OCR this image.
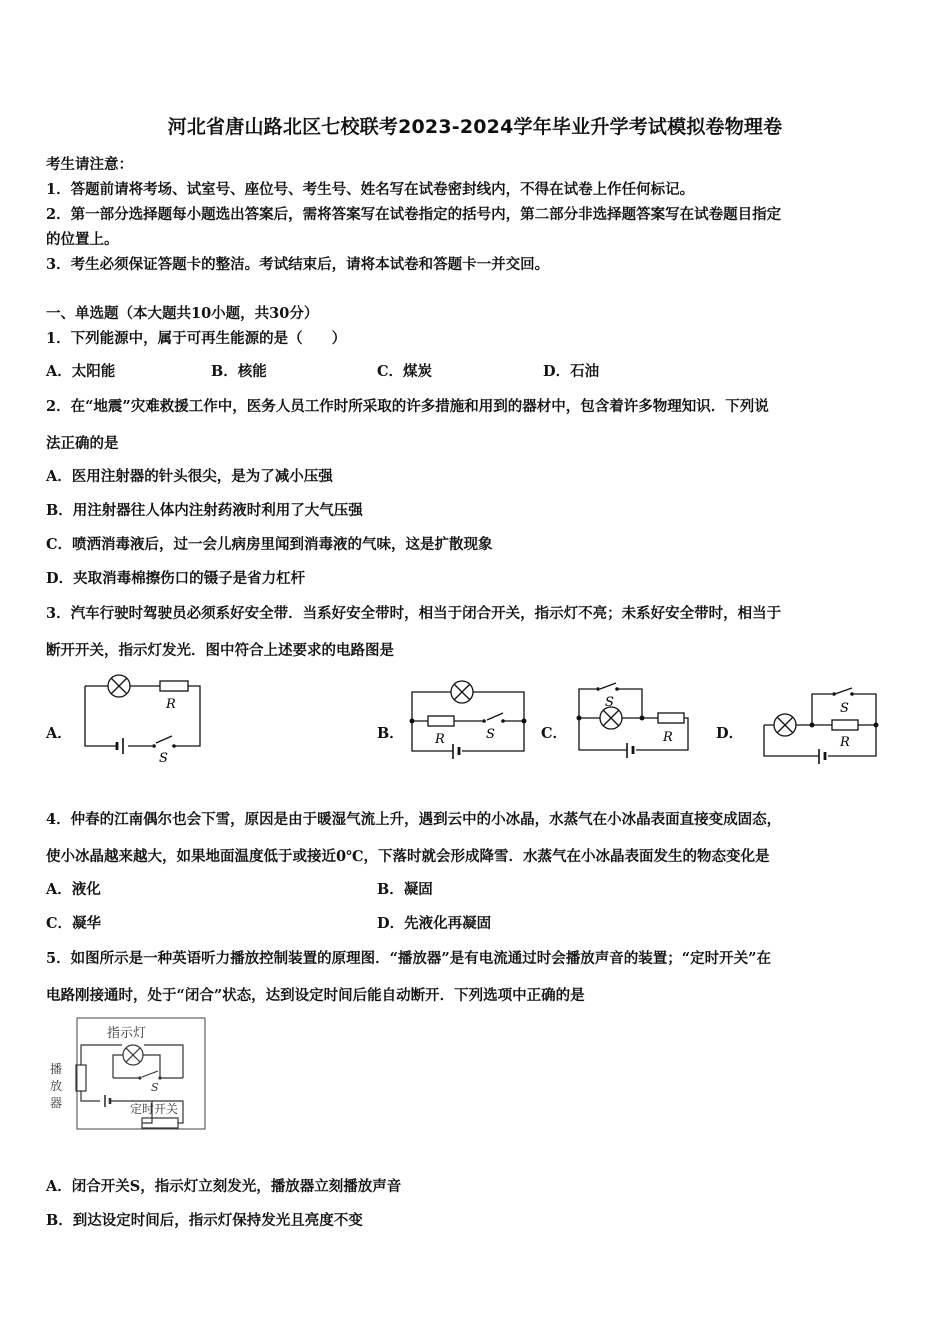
河北省唐山路北区七校联考2023-2024学年毕业升学考试模拟卷物理卷
考生请注意：
1．答题前请将考场、试室号、座位号、考生号、姓名写在试卷密封线内，不得在试卷上作任何标记。
2．第一部分选择题每小题选出答案后，需将答案写在试卷指定的括号内，第二部分非选择题答案写在试卷题目指定
的位置上。
3．考生必须保证答题卡的整洁。考试结束后，请将本试卷和答题卡一并交回。
一、单选题（本大题共10小题，共30分）
1．下列能源中，属于可再生能源的是（　　）
A．太阳能	B．核能	C．煤炭	D．石油
2．在“地震”灾难救援工作中，医务人员工作时所采取的许多措施和用到的器材中，包含着许多物理知识．下列说
法正确的是
A．医用注射器的针头很尖，是为了减小压强
B．用注射器往人体内注射药液时利用了大气压强
C．喷洒消毒液后，过一会儿病房里闻到消毒液的气味，这是扩散现象
D．夹取消毒棉擦伤口的镊子是省力杠杆
3．汽车行驶时驾驶员必须系好安全带．当系好安全带时，相当于闭合开关，指示灯不亮；未系好安全带时，相当于
断开开关，指示灯发光．图中符合上述要求的电路图是
A．	B．	C．	D．
R
S
R	S
S
R
S
R
4．仲春的江南偶尔也会下雪，原因是由于暖湿气流上升，遇到云中的小冰晶，水蒸气在小冰晶表面直接变成固态，
使小冰晶越来越大，如果地面温度低于或接近0℃，下落时就会形成降雪．水蒸气在小冰晶表面发生的物态变化是
A．液化	B．凝固
C．凝华	D．先液化再凝固
5．如图所示是一种英语听力播放控制装置的原理图．“播放器”是有电流通过时会播放声音的装置；“定时开关”在
电路刚接通时，处于“闭合”状态，达到设定时间后能自动断开．下列选项中正确的是
指示灯
播
放
器
S
定时开关
A．闭合开关S，指示灯立刻发光，播放器立刻播放声音
B．到达设定时间后，指示灯保持发光且亮度不变
